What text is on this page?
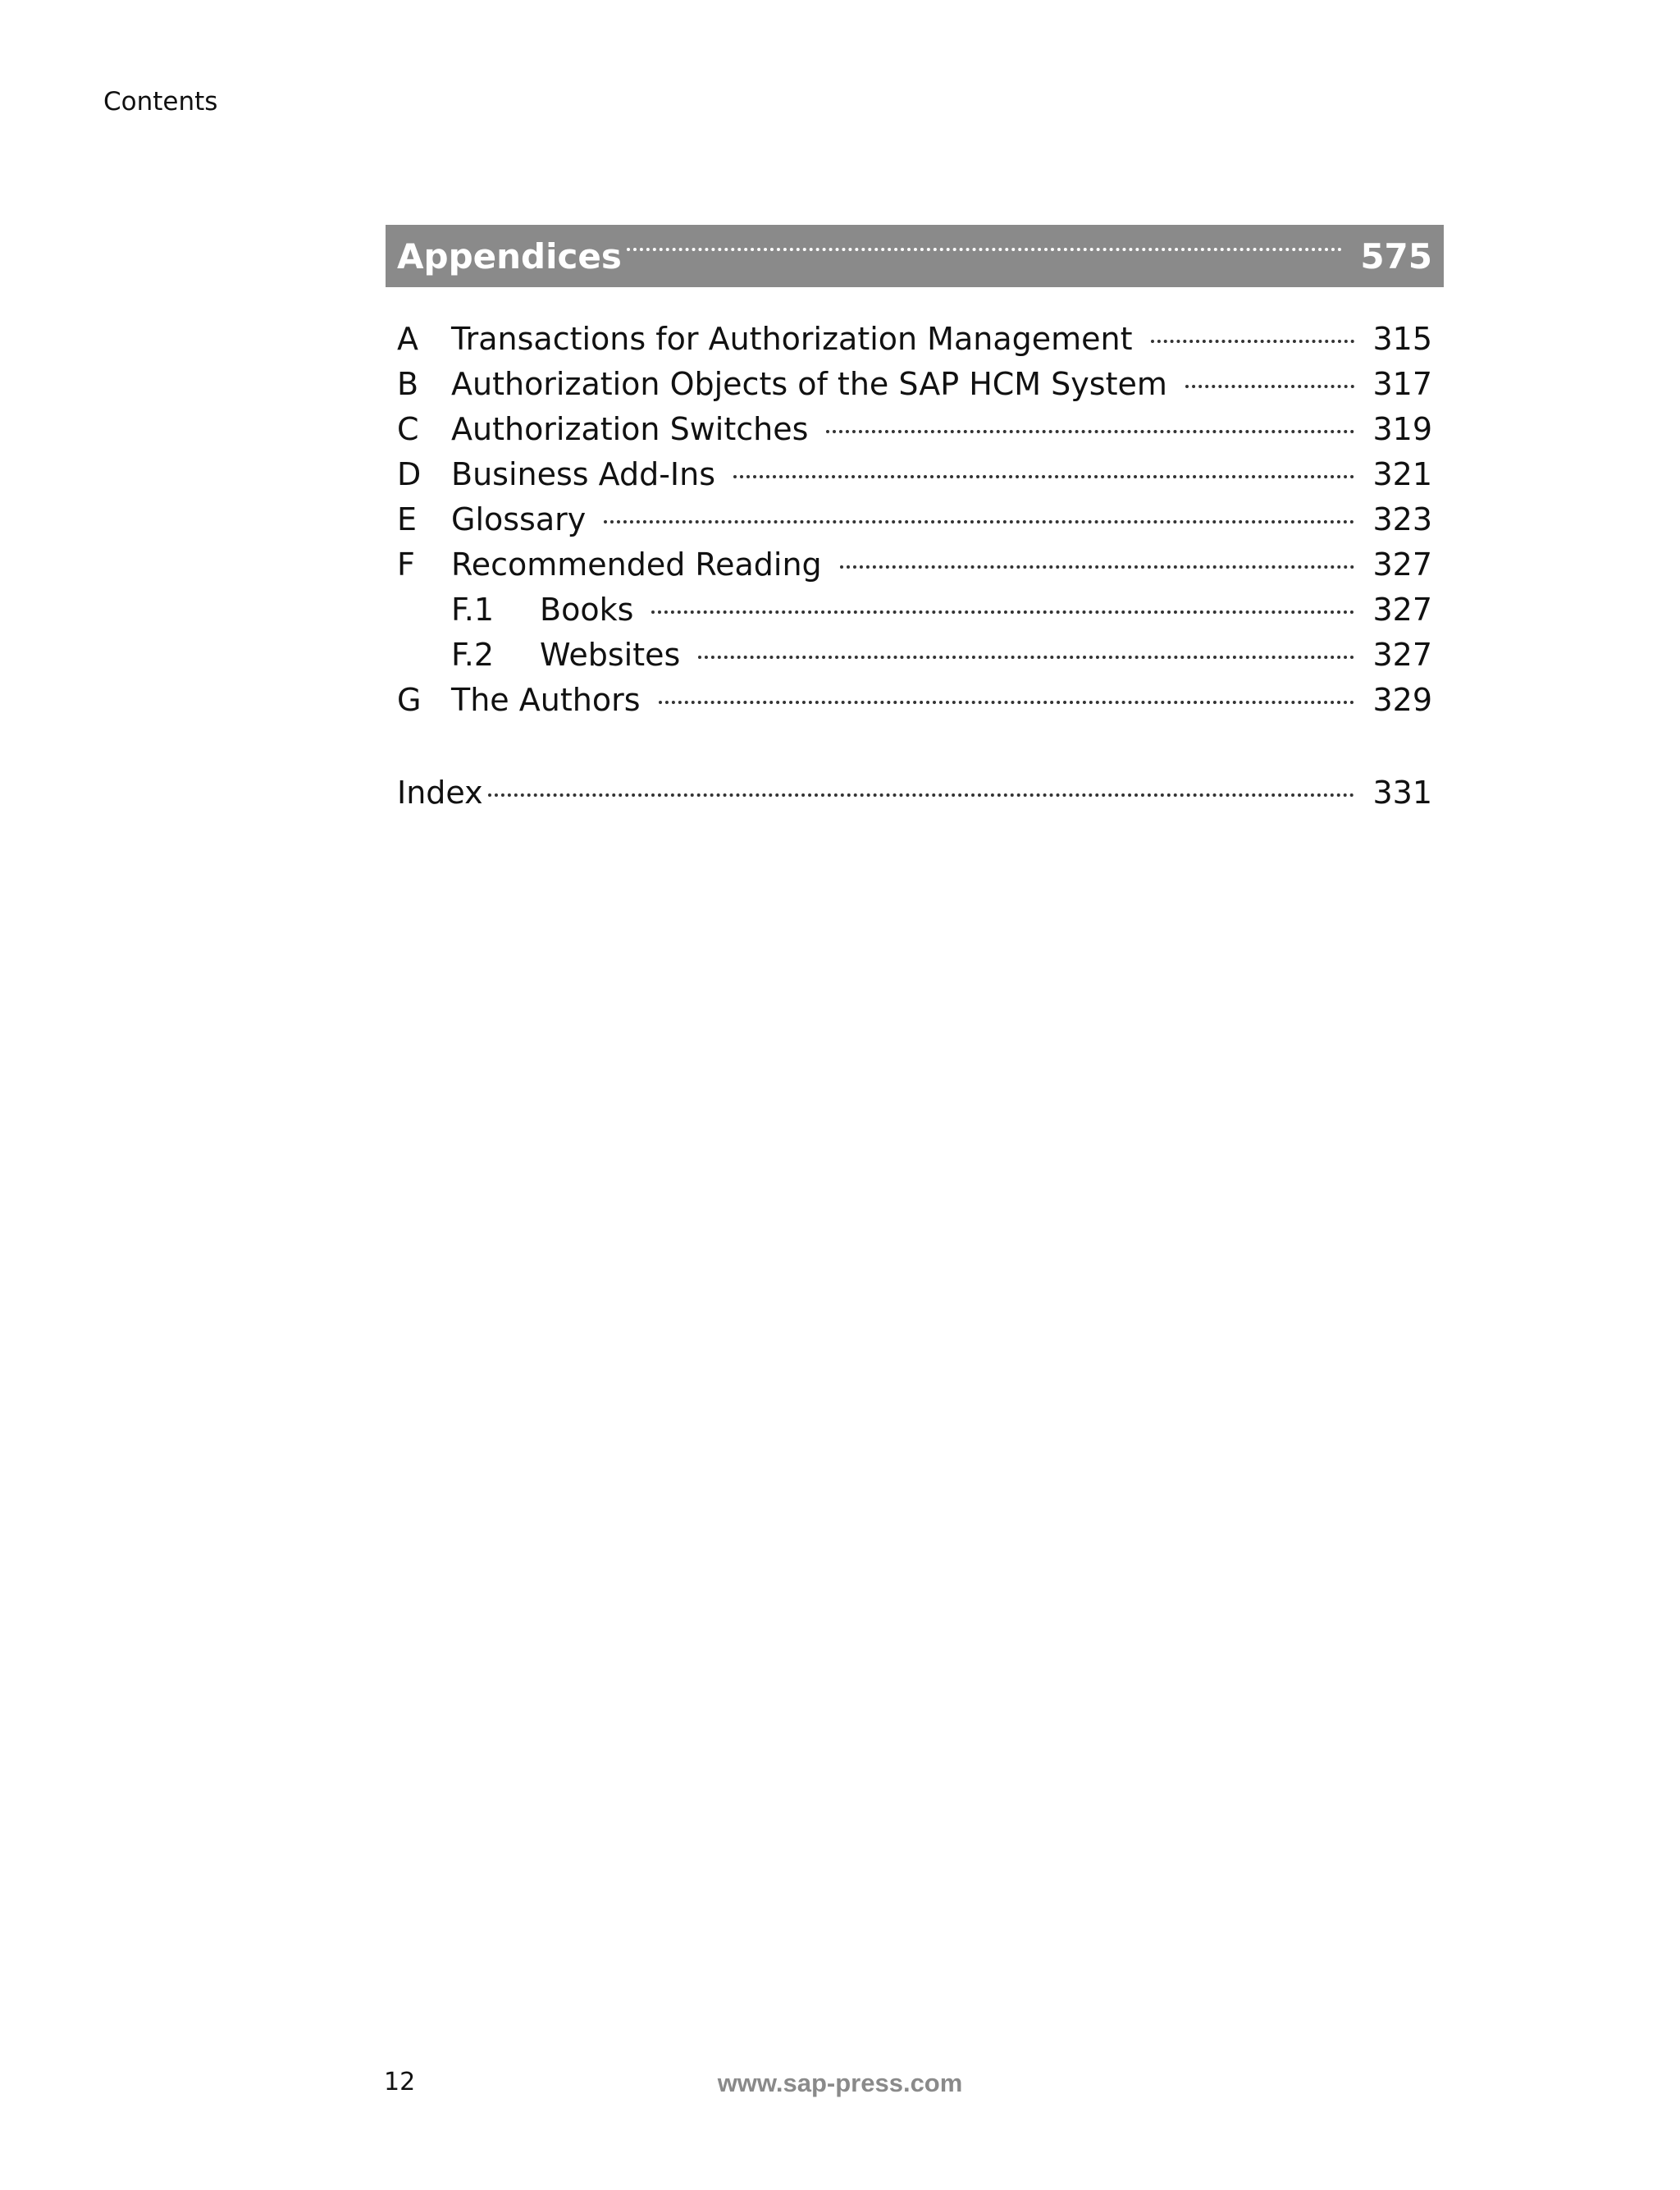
Contents
Appendices	575
A	Transactions for Authorization Management	315
B	Authorization Objects of the SAP HCM System	317
C	Authorization Switches	319
D Business Add-Ins	321
E	Glossary	323
F	Recommended Reading	327
F.1	Books	327
F.2	Websites	327
G The Authors	329
Index	331
12	www.sap-press.com
